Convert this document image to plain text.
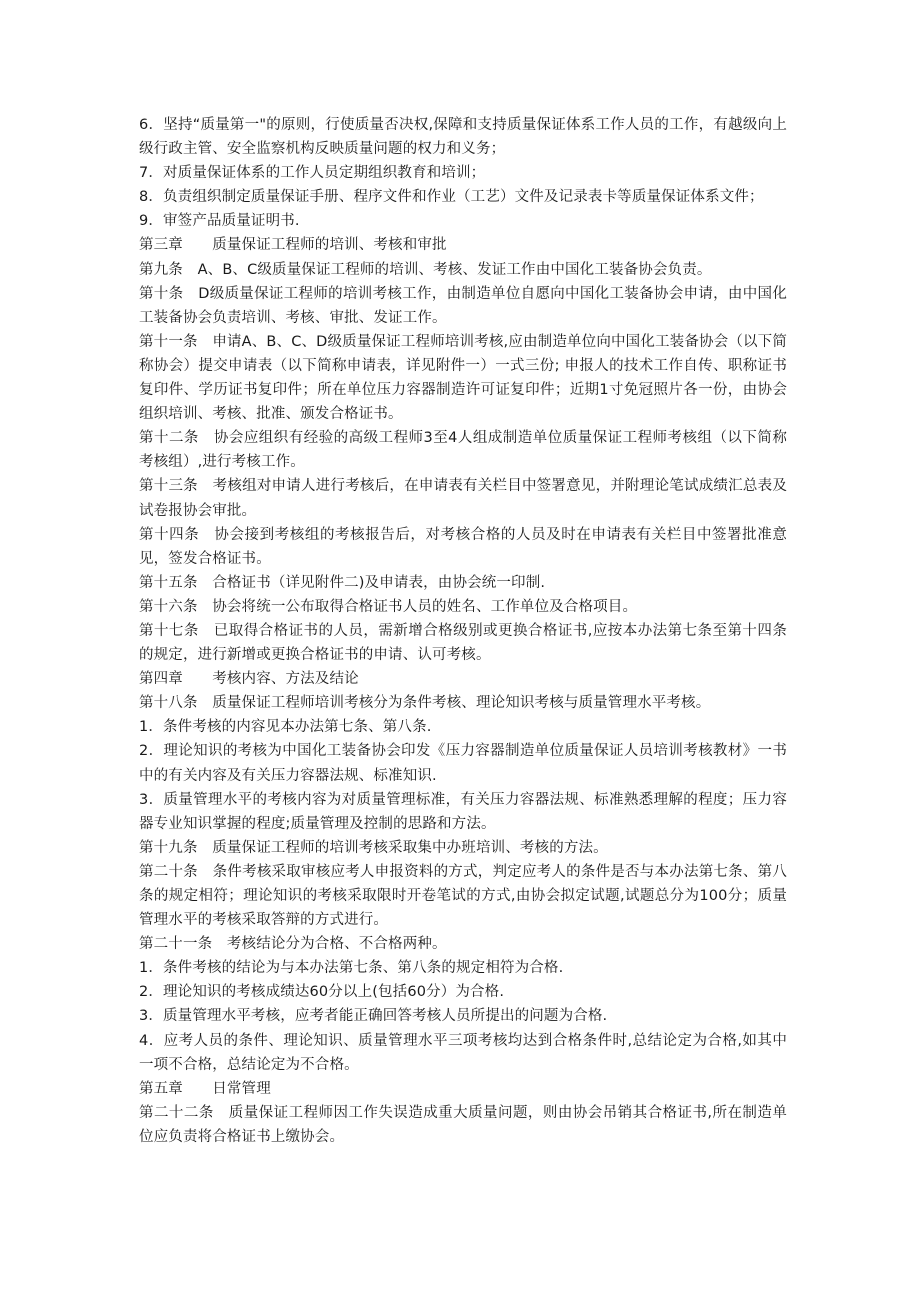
6．坚持“质量第一"的原则，行使质量否决权,保障和支持质量保证体系工作人员的工作，有越级向上级行政主管、安全监察机构反映质量问题的权力和义务；

7．对质量保证体系的工作人员定期组织教育和培训；

8．负责组织制定质量保证手册、程序文件和作业（工艺）文件及记录表卡等质量保证体系文件；

9．审签产品质量证明书.

第三章　　质量保证工程师的培训、考核和审批

第九条　A、B、C级质量保证工程师的培训、考核、发证工作由中国化工装备协会负责。

第十条　D级质量保证工程师的培训考核工作，由制造单位自愿向中国化工装备协会申请，由中国化工装备协会负责培训、考核、审批、发证工作。

第十一条　申请A、B、C、D级质量保证工程师培训考核,应由制造单位向中国化工装备协会（以下简称协会）提交申请表（以下简称申请表，详见附件一）一式三份; 申报人的技术工作自传、职称证书复印件、学历证书复印件；所在单位压力容器制造许可证复印件；近期1寸免冠照片各一份，由协会组织培训、考核、批准、颁发合格证书。

第十二条　协会应组织有经验的高级工程师3至4人组成制造单位质量保证工程师考核组（以下简称考核组）,进行考核工作。

第十三条　考核组对申请人进行考核后，在申请表有关栏目中签署意见，并附理论笔试成绩汇总表及试卷报协会审批。

第十四条　协会接到考核组的考核报告后，对考核合格的人员及时在申请表有关栏目中签署批准意见，签发合格证书。

第十五条　合格证书（详见附件二)及申请表，由协会统一印制.

第十六条　协会将统一公布取得合格证书人员的姓名、工作单位及合格项目。

第十七条　已取得合格证书的人员，需新增合格级别或更换合格证书,应按本办法第七条至第十四条的规定，进行新增或更换合格证书的申请、认可考核。

第四章　　考核内容、方法及结论

第十八条　质量保证工程师培训考核分为条件考核、理论知识考核与质量管理水平考核。

1．条件考核的内容见本办法第七条、第八条.

2．理论知识的考核为中国化工装备协会印发《压力容器制造单位质量保证人员培训考核教材》一书中的有关内容及有关压力容器法规、标准知识.

3．质量管理水平的考核内容为对质量管理标准，有关压力容器法规、标准熟悉理解的程度；压力容器专业知识掌握的程度;质量管理及控制的思路和方法。

第十九条　质量保证工程师的培训考核采取集中办班培训、考核的方法。

第二十条　条件考核采取审核应考人申报资料的方式，判定应考人的条件是否与本办法第七条、第八条的规定相符；理论知识的考核采取限时开卷笔试的方式,由协会拟定试题,试题总分为100分；质量管理水平的考核采取答辩的方式进行。

第二十一条　考核结论分为合格、不合格两种。

1．条件考核的结论为与本办法第七条、第八条的规定相符为合格.

2．理论知识的考核成绩达60分以上(包括60分）为合格.

3．质量管理水平考核，应考者能正确回答考核人员所提出的问题为合格.

4．应考人员的条件、理论知识、质量管理水平三项考核均达到合格条件时,总结论定为合格,如其中一项不合格，总结论定为不合格。

第五章　　日常管理

第二十二条　质量保证工程师因工作失误造成重大质量问题，则由协会吊销其合格证书,所在制造单位应负责将合格证书上缴协会。
